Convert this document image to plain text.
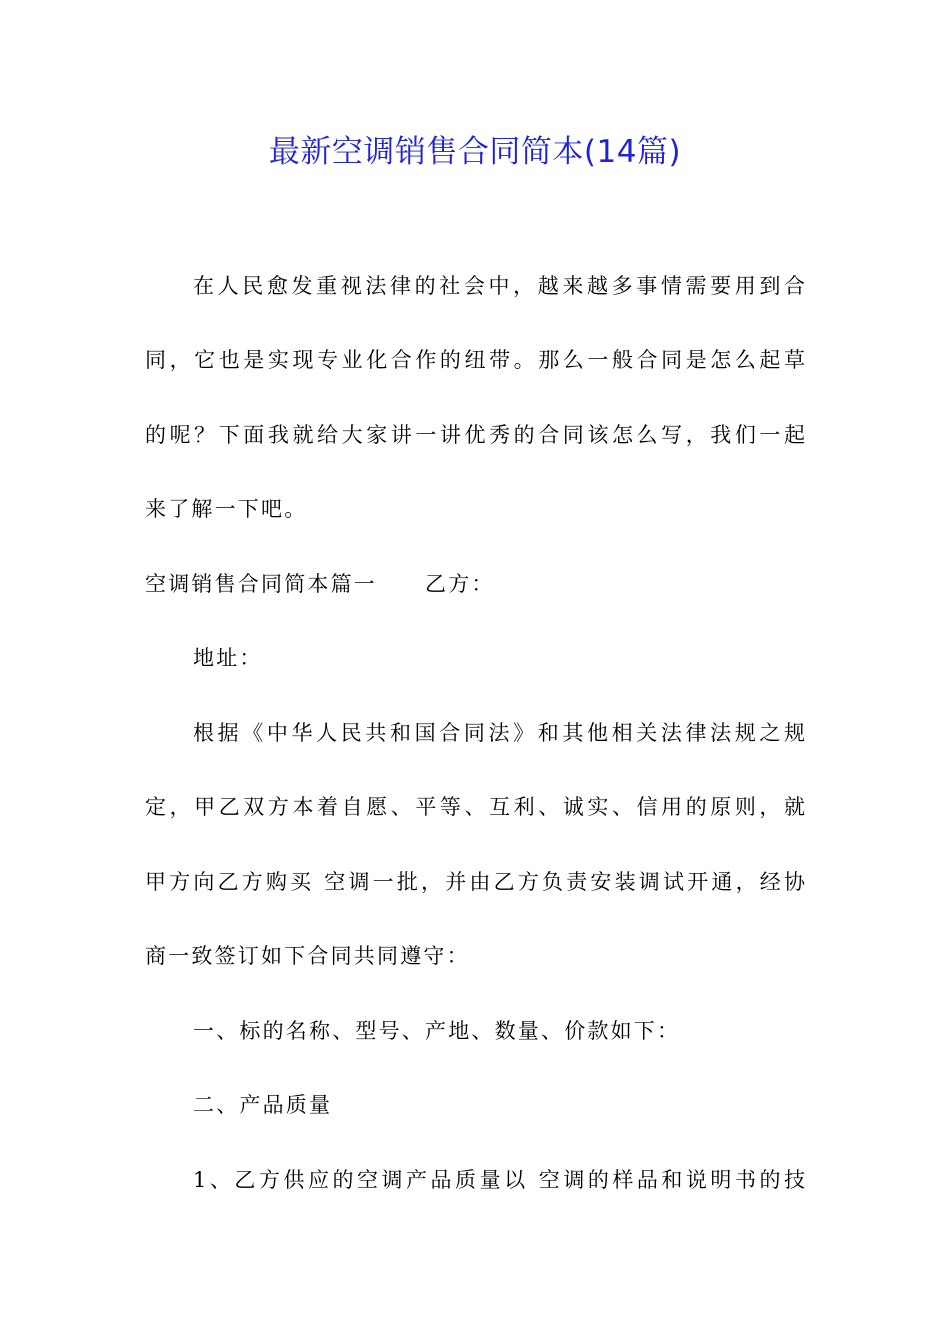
最新空调销售合同简本(14篇)
在人民愈发重视法律的社会中，越来越多事情需要用到合
同，它也是实现专业化合作的纽带。那么一般合同是怎么起草
的呢？下面我就给大家讲一讲优秀的合同该怎么写，我们一起
来了解一下吧。
空调销售合同简本篇一 乙方：
地址：
根据《中华人民共和国合同法》和其他相关法律法规之规
定，甲乙双方本着自愿、平等、互利、诚实、信用的原则，就
甲方向乙方购买 空调一批，并由乙方负责安装调试开通，经协
商一致签订如下合同共同遵守：
一、标的名称、型号、产地、数量、价款如下：
二、产品质量
1、乙方供应的空调产品质量以 空调的样品和说明书的技
